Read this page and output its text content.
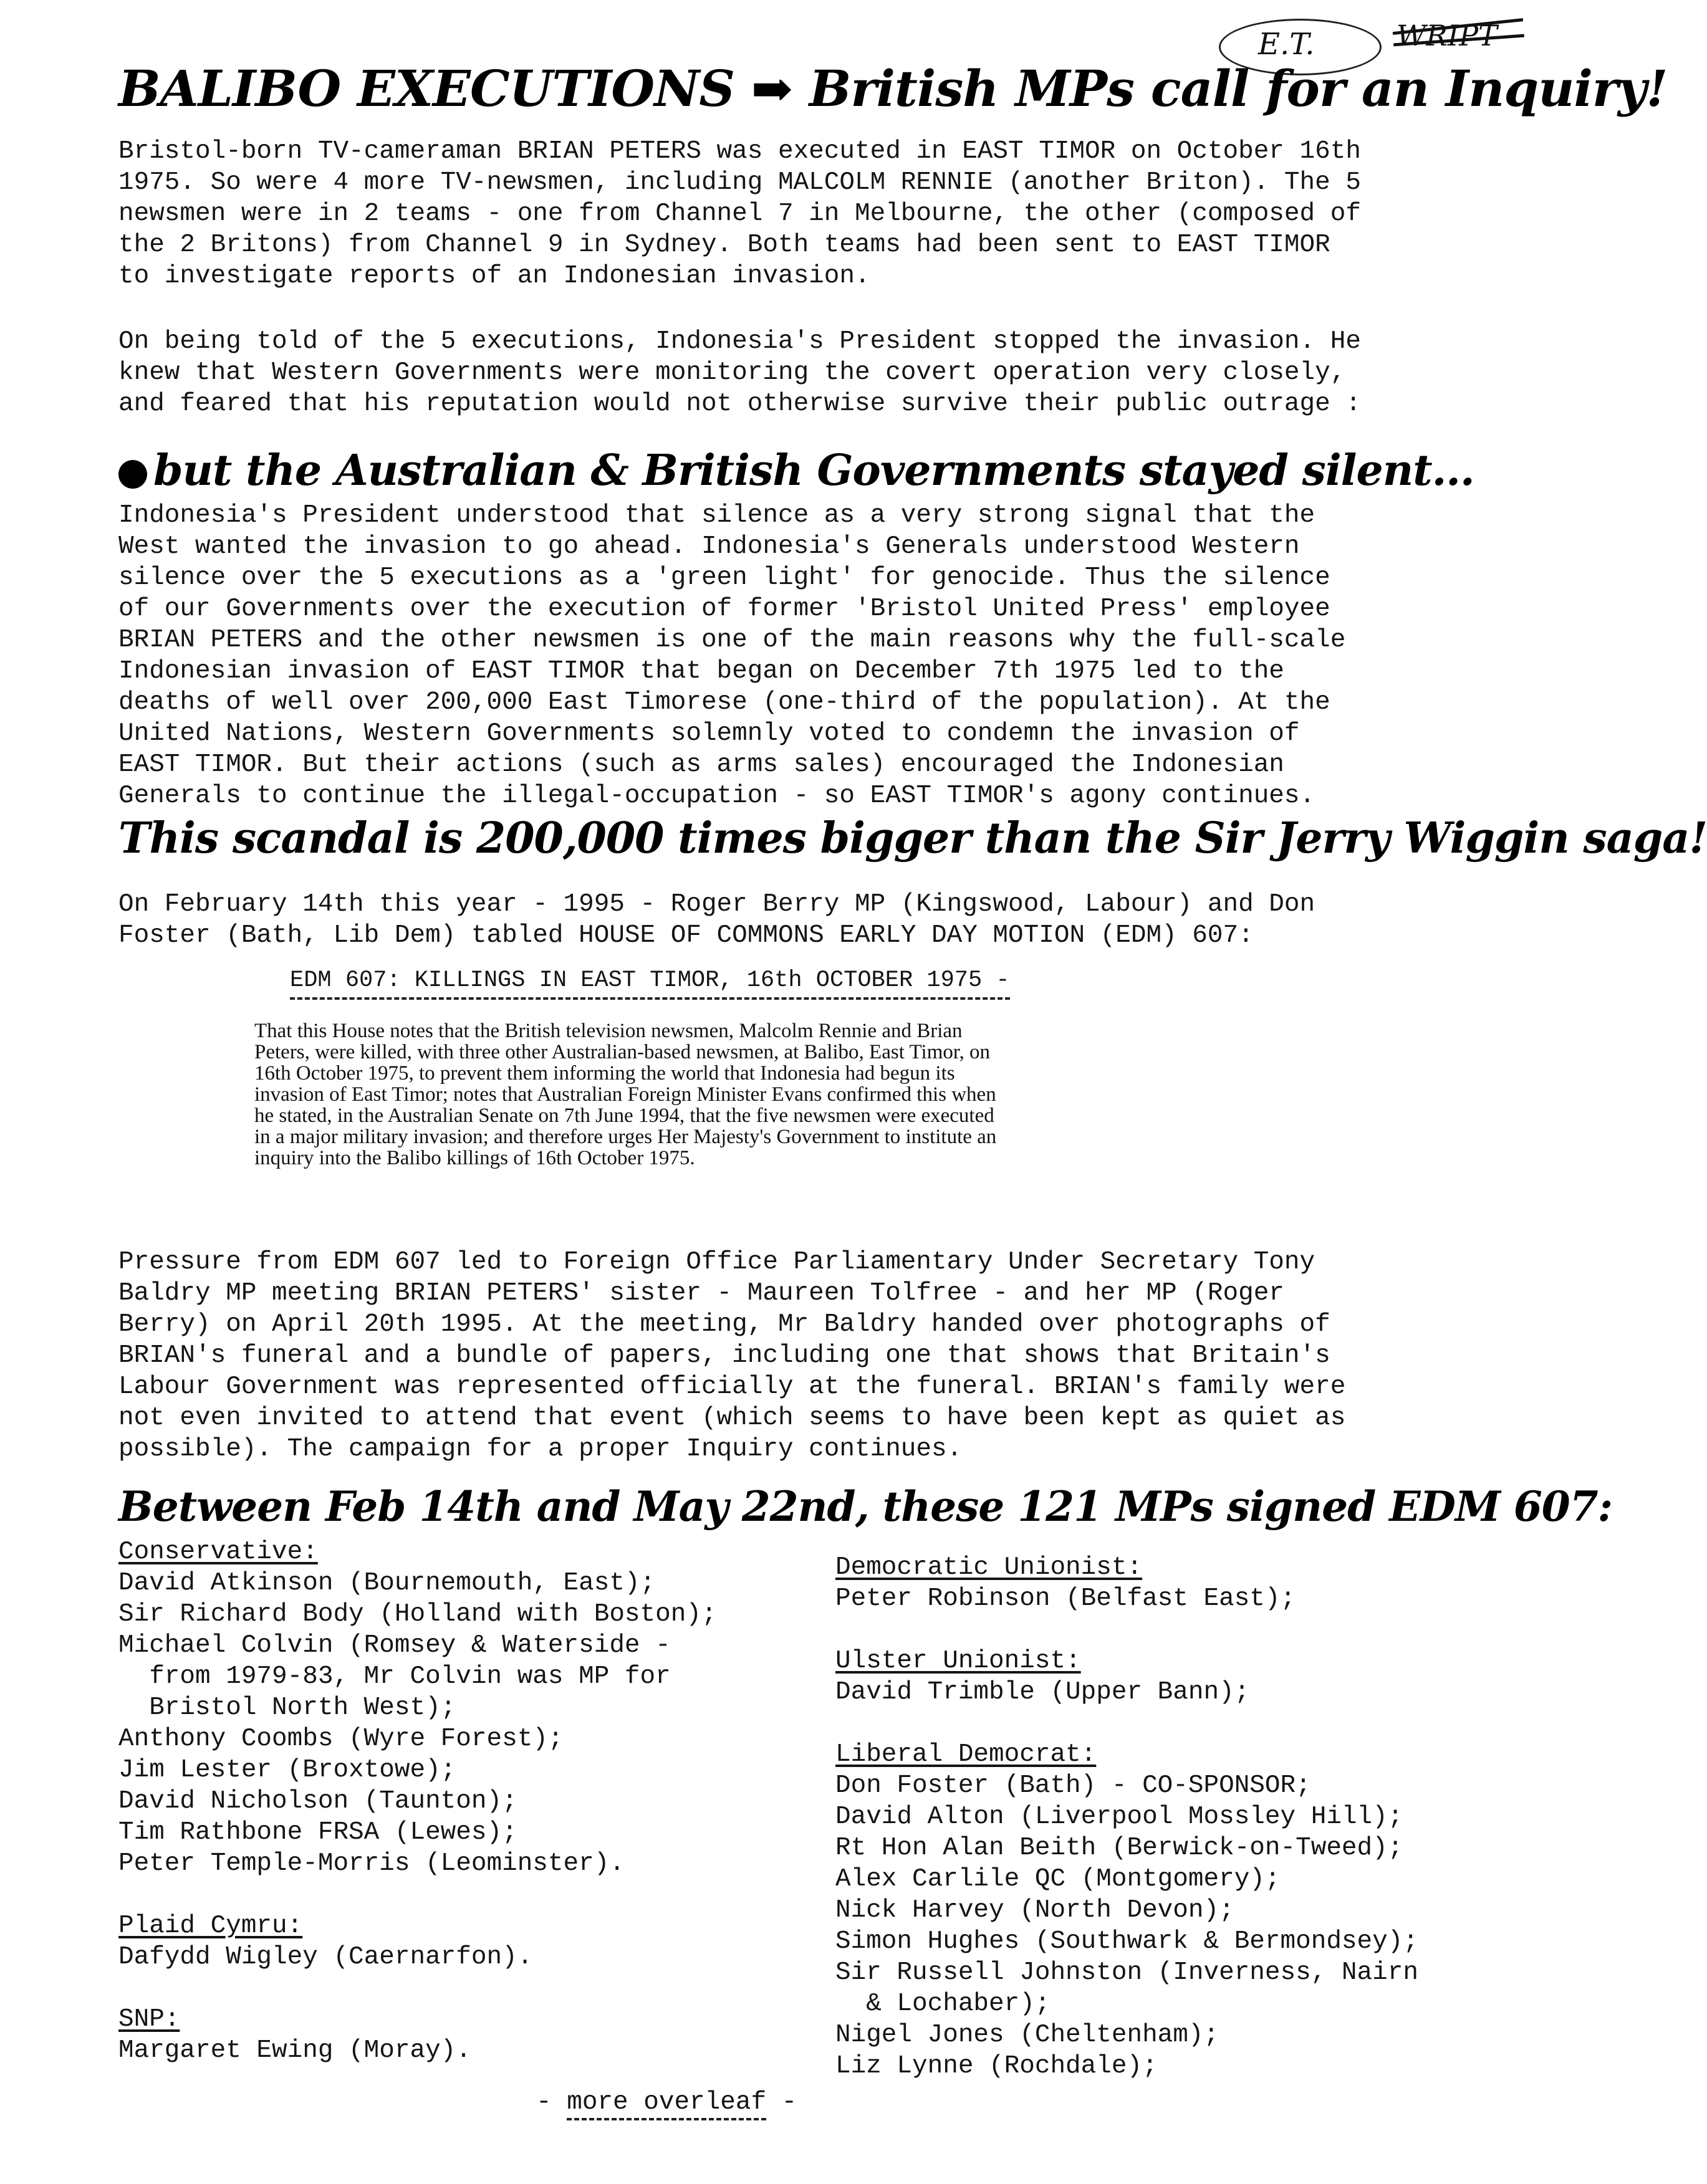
E.T.	WRIPT
BALIBO EXECUTIONS ➡ British MPs call for an Inquiry!
Bristol-born TV-cameraman BRIAN PETERS was executed in EAST TIMOR on October 16th
1975. So were 4 more TV-newsmen, including MALCOLM RENNIE (another Briton). The 5
newsmen were in 2 teams - one from Channel 7 in Melbourne, the other (composed of
the 2 Britons) from Channel 9 in Sydney. Both teams had been sent to EAST TIMOR
to investigate reports of an Indonesian invasion.
On being told of the 5 executions, Indonesia's President stopped the invasion. He
knew that Western Governments were monitoring the covert operation very closely,
and feared that his reputation would not otherwise survive their public outrage :
but the Australian & British Governments stayed silent...
Indonesia's President understood that silence as a very strong signal that the
West wanted the invasion to go ahead. Indonesia's Generals understood Western
silence over the 5 executions as a 'green light' for genocide. Thus the silence
of our Governments over the execution of former 'Bristol United Press' employee
BRIAN PETERS and the other newsmen is one of the main reasons why the full-scale
Indonesian invasion of EAST TIMOR that began on December 7th 1975 led to the
deaths of well over 200,000 East Timorese (one-third of the population). At the
United Nations, Western Governments solemnly voted to condemn the invasion of
EAST TIMOR. But their actions (such as arms sales) encouraged the Indonesian
Generals to continue the illegal-occupation - so EAST TIMOR's agony continues.
This scandal is 200,000 times bigger than the Sir Jerry Wiggin saga!
On February 14th this year - 1995 - Roger Berry MP (Kingswood, Labour) and Don
Foster (Bath, Lib Dem) tabled HOUSE OF COMMONS EARLY DAY MOTION (EDM) 607:
EDM 607: KILLINGS IN EAST TIMOR, 16th OCTOBER 1975 -
That this House notes that the British television newsmen, Malcolm Rennie and Brian
Peters, were killed, with three other Australian-based newsmen, at Balibo, East Timor, on
16th October 1975, to prevent them informing the world that Indonesia had begun its
invasion of East Timor; notes that Australian Foreign Minister Evans confirmed this when
he stated, in the Australian Senate on 7th June 1994, that the five newsmen were executed
in a major military invasion; and therefore urges Her Majesty's Government to institute an
inquiry into the Balibo killings of 16th October 1975.
Pressure from EDM 607 led to Foreign Office Parliamentary Under Secretary Tony
Baldry MP meeting BRIAN PETERS' sister - Maureen Tolfree - and her MP (Roger
Berry) on April 20th 1995. At the meeting, Mr Baldry handed over photographs of
BRIAN's funeral and a bundle of papers, including one that shows that Britain's
Labour Government was represented officially at the funeral. BRIAN's family were
not even invited to attend that event (which seems to have been kept as quiet as
possible). The campaign for a proper Inquiry continues.
Between Feb 14th and May 22nd, these 121 MPs signed EDM 607:
Conservative:
David Atkinson (Bournemouth, East);
Sir Richard Body (Holland with Boston);
Michael Colvin (Romsey & Waterside -
from 1979-83, Mr Colvin was MP for
Bristol North West);
Anthony Coombs (Wyre Forest);
Jim Lester (Broxtowe);
David Nicholson (Taunton);
Tim Rathbone FRSA (Lewes);
Peter Temple-Morris (Leominster).
Plaid Cymru:
Dafydd Wigley (Caernarfon).
SNP:
Margaret Ewing (Moray).
Democratic Unionist:
Peter Robinson (Belfast East);
Ulster Unionist:
David Trimble (Upper Bann);
Liberal Democrat:
Don Foster (Bath) - CO-SPONSOR;
David Alton (Liverpool Mossley Hill);
Rt Hon Alan Beith (Berwick-on-Tweed);
Alex Carlile QC (Montgomery);
Nick Harvey (North Devon);
Simon Hughes (Southwark & Bermondsey);
Sir Russell Johnston (Inverness, Nairn
& Lochaber);
Nigel Jones (Cheltenham);
Liz Lynne (Rochdale);
- more overleaf -
